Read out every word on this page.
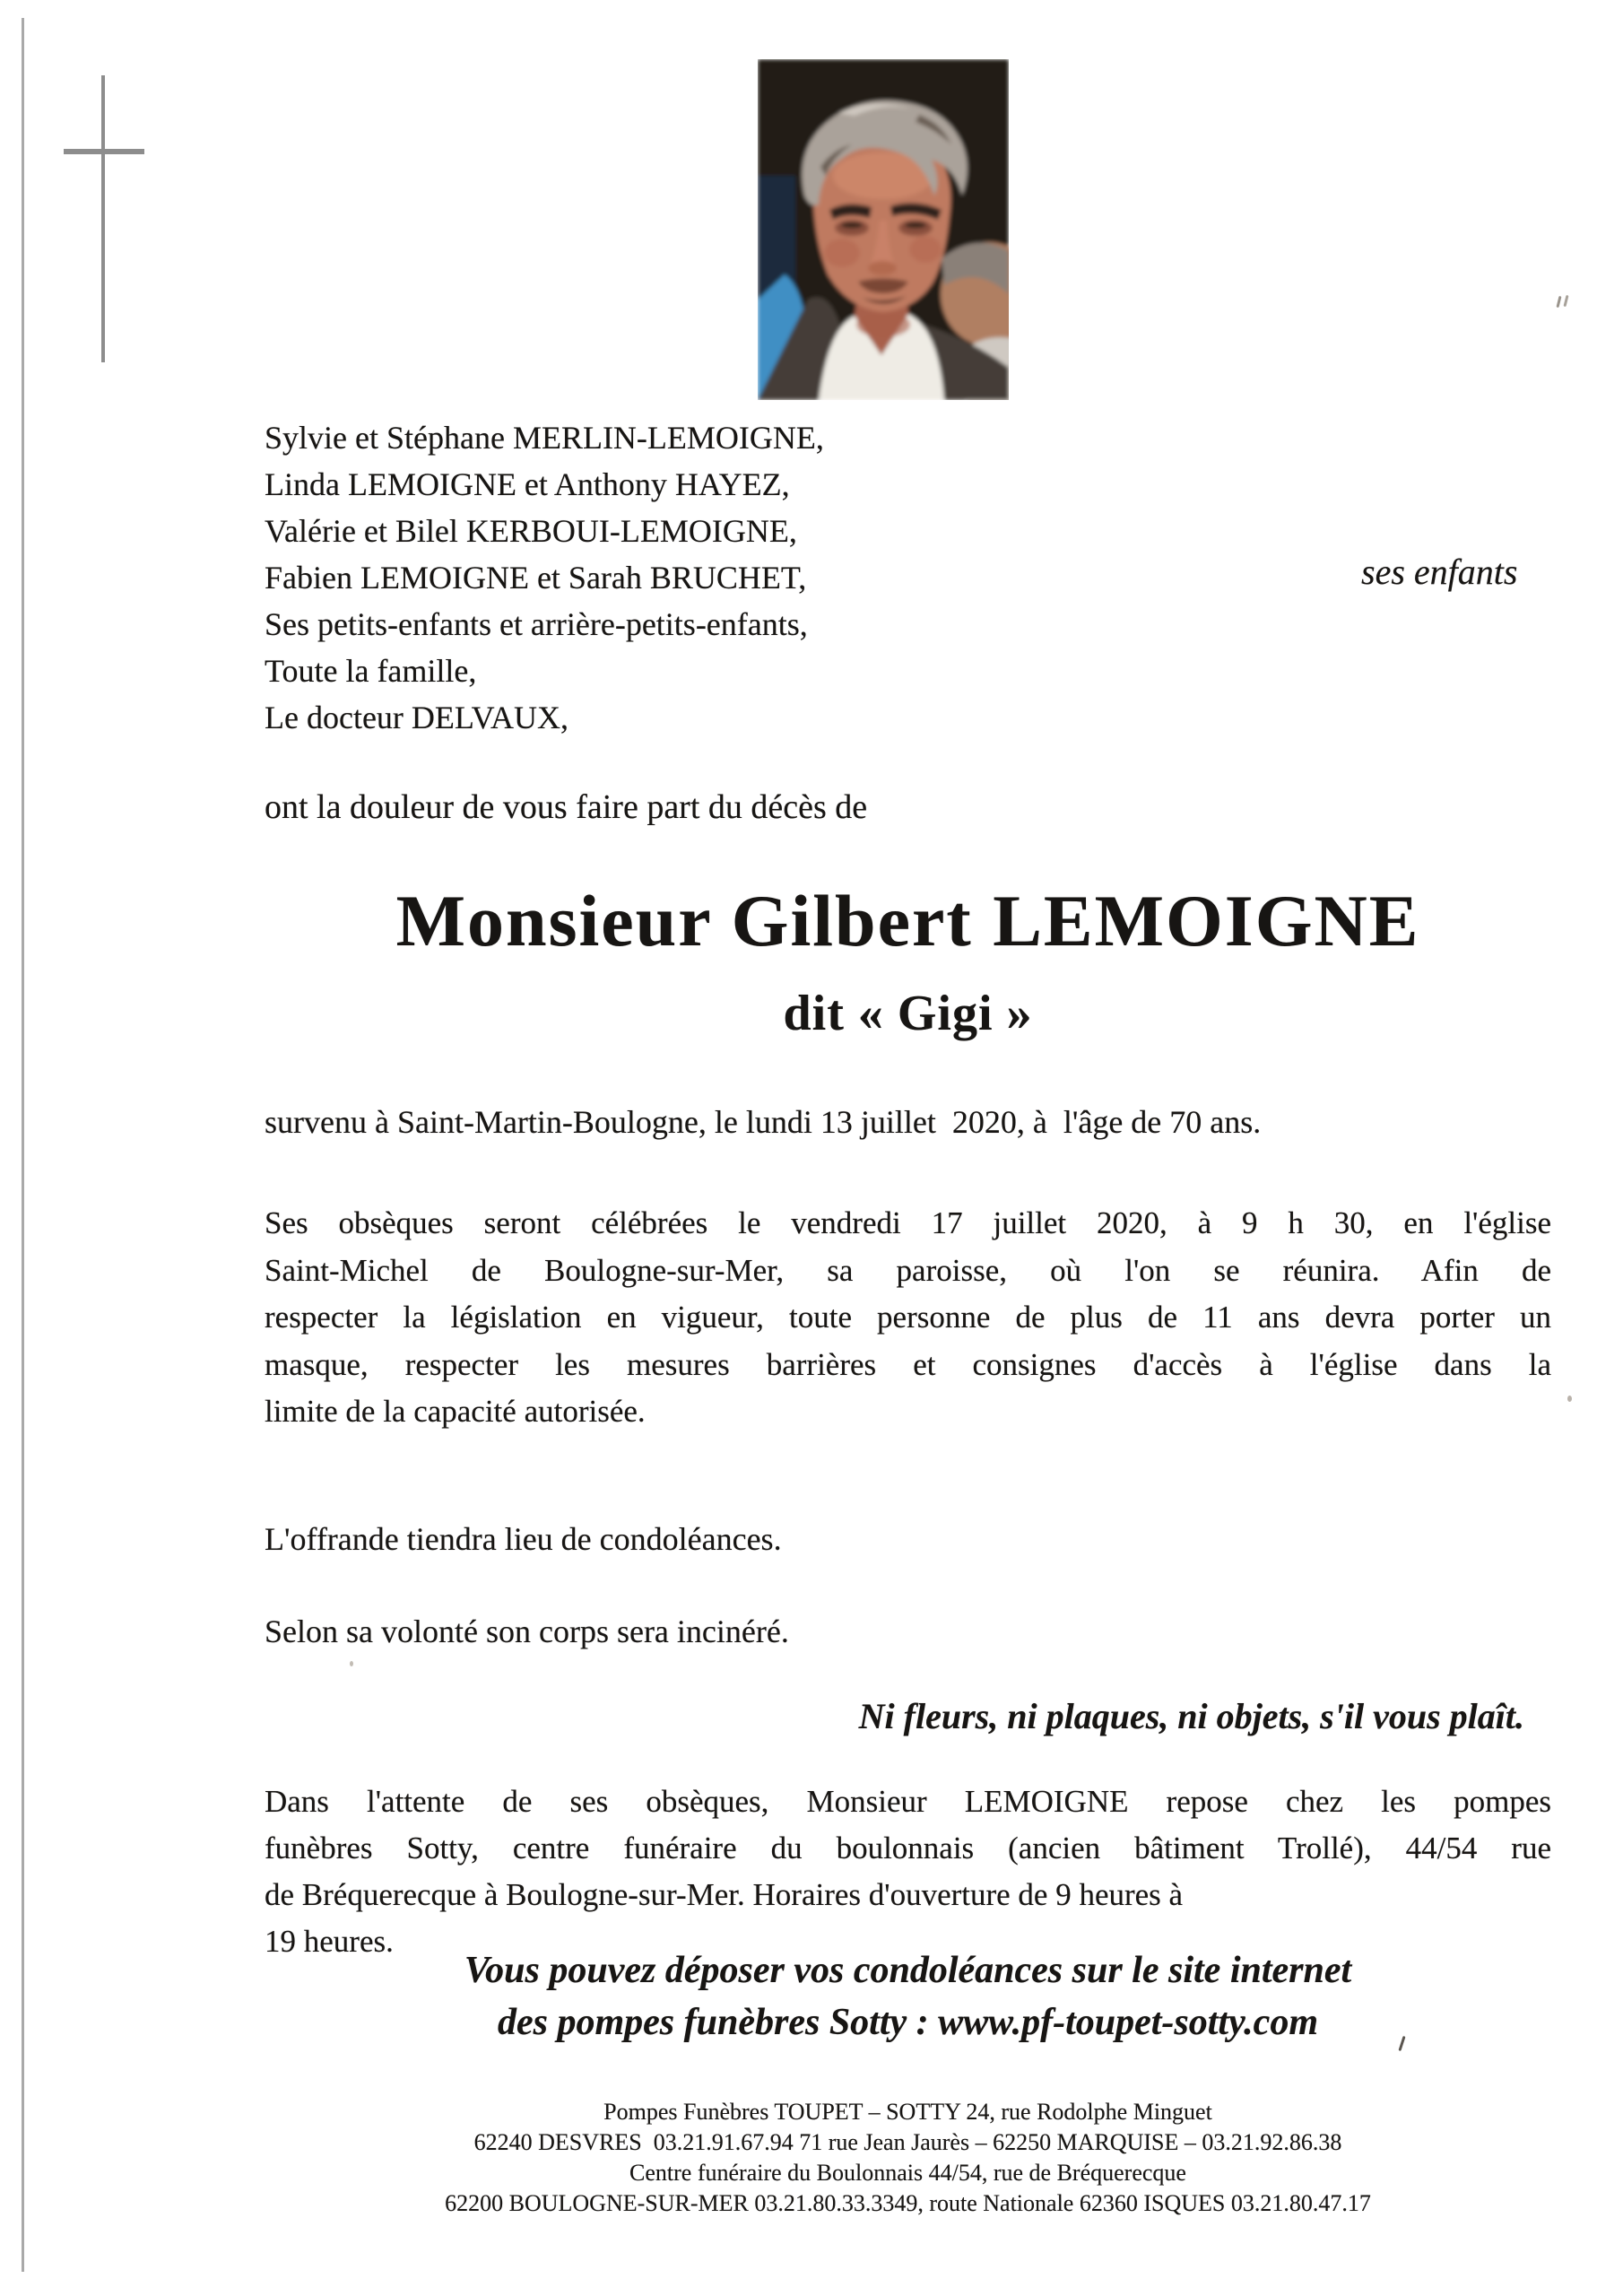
Sylvie et Stéphane MERLIN-LEMOIGNE,
Linda LEMOIGNE et Anthony HAYEZ,
Valérie et Bilel KERBOUI-LEMOIGNE,
Fabien LEMOIGNE et Sarah BRUCHET,
Ses petits-enfants et arrière-petits-enfants,
Toute la famille,
Le docteur DELVAUX,
ses enfants
ont la douleur de vous faire part du décès de
Monsieur Gilbert LEMOIGNE
dit « Gigi »
survenu à Saint-Martin-Boulogne, le lundi 13 juillet  2020, à  l'âge de 70 ans.
Ses obsèques seront célébrées le vendredi 17 juillet 2020, à 9 h 30, en l'église
Saint-Michel de Boulogne-sur-Mer, sa paroisse, où l'on se réunira. Afin de
respecter la législation en vigueur, toute personne de plus de 11 ans devra porter un
masque, respecter les mesures barrières et consignes d'accès à l'église dans la
limite de la capacité autorisée.
L'offrande tiendra lieu de condoléances.
Selon sa volonté son corps sera incinéré.
Ni fleurs, ni plaques, ni objets, s'il vous plaît.
Dans l'attente de ses obsèques, Monsieur LEMOIGNE repose chez les pompes
funèbres Sotty, centre funéraire du boulonnais (ancien bâtiment Trollé), 44/54 rue
de Bréquerecque à Boulogne-sur-Mer. Horaires d'ouverture de 9 heures à
19 heures.
Vous pouvez déposer vos condoléances sur le site internet
des pompes funèbres Sotty : www.pf-toupet-sotty.com
Pompes Funèbres TOUPET – SOTTY 24, rue Rodolphe Minguet
62240 DESVRES  03.21.91.67.94 71 rue Jean Jaurès – 62250 MARQUISE – 03.21.92.86.38
Centre funéraire du Boulonnais 44/54, rue de Bréquerecque
62200 BOULOGNE-SUR-MER 03.21.80.33.3349, route Nationale 62360 ISQUES 03.21.80.47.17
